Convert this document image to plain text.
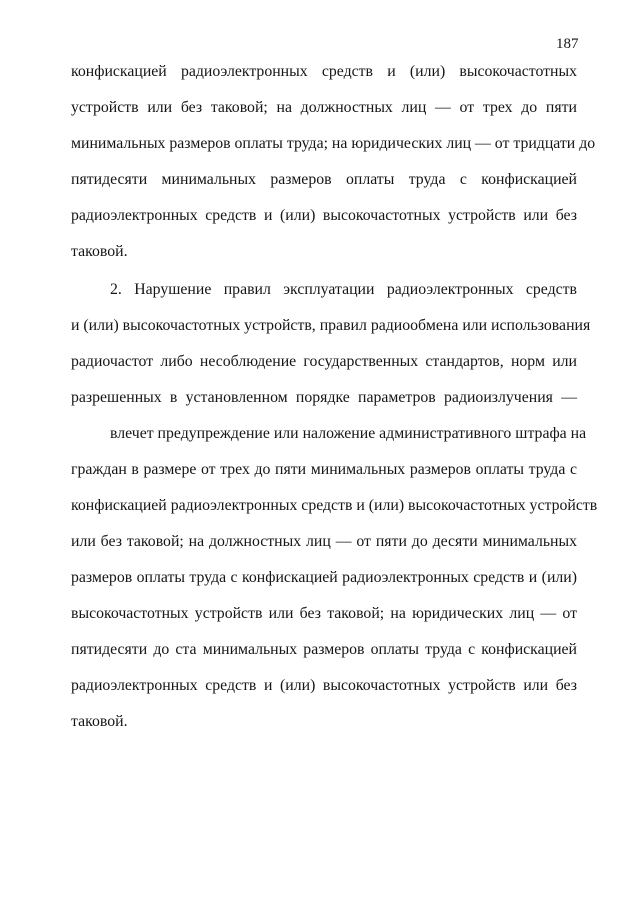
187
конфискацией радиоэлектронных средств и (или) высокочастотных
устройств или без таковой; на должностных лиц — от трех до пяти
минимальных размеров оплаты труда; на юридических лиц — от тридцати до
пятидесяти минимальных размеров оплаты труда с конфискацией
радиоэлектронных средств и (или) высокочастотных устройств или без
таковой.
2. Нарушение правил эксплуатации радиоэлектронных средств
и (или) высокочастотных устройств, правил радиообмена или использования
радиочастот либо несоблюдение государственных стандартов, норм или
разрешенных в установленном порядке параметров радиоизлучения —
влечет предупреждение или наложение административного штрафа на
граждан в размере от трех до пяти минимальных размеров оплаты труда с
конфискацией радиоэлектронных средств и (или) высокочастотных устройств
или без таковой; на должностных лиц — от пяти до десяти минимальных
размеров оплаты труда с конфискацией радиоэлектронных средств и (или)
высокочастотных устройств или без таковой; на юридических лиц — от
пятидесяти до ста минимальных размеров оплаты труда с конфискацией
радиоэлектронных средств и (или) высокочастотных устройств или без
таковой.
